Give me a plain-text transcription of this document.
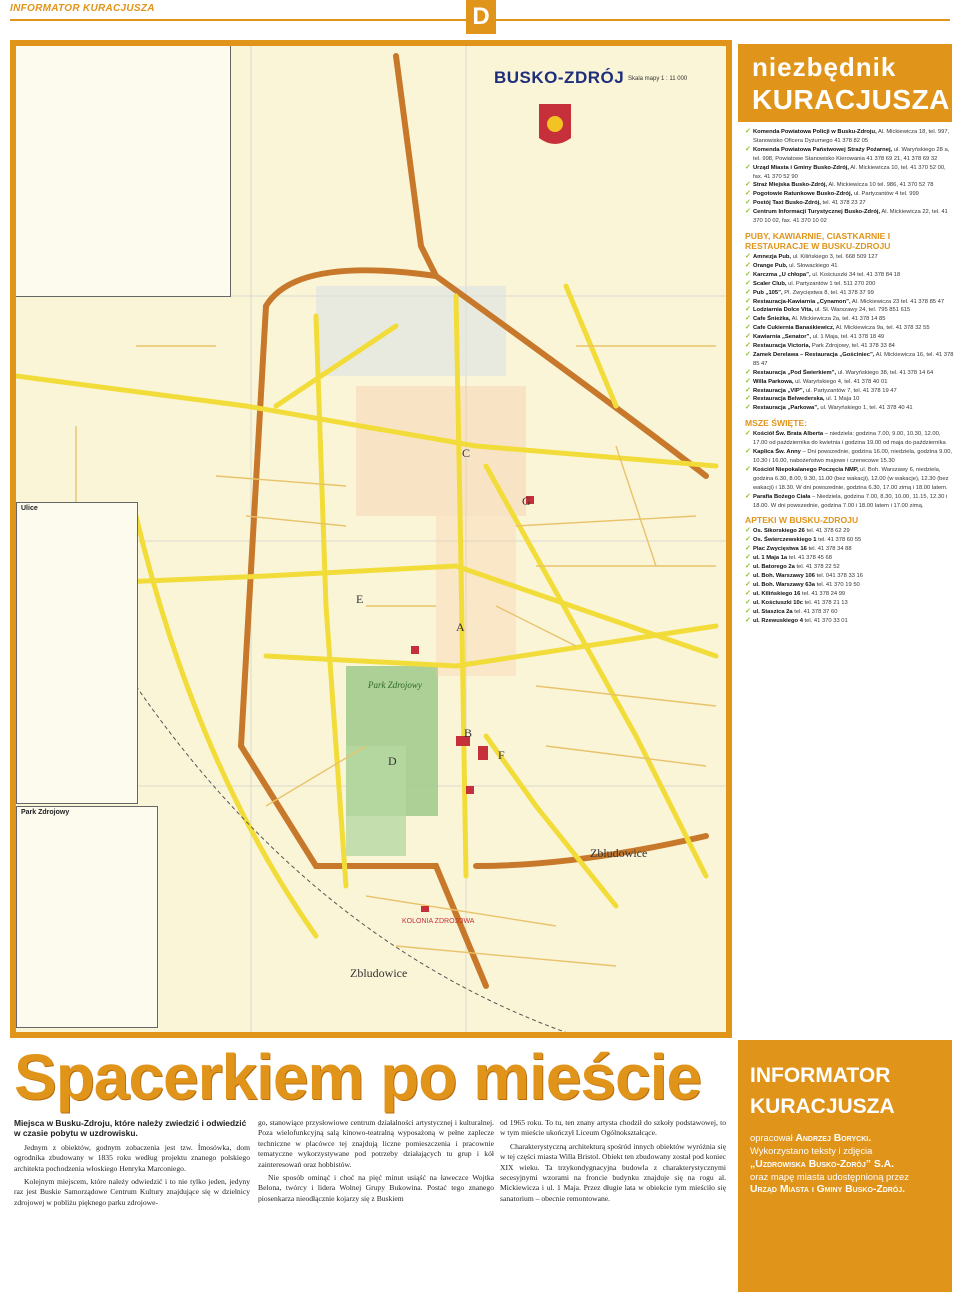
INFORMATOR KURACJUSZA	D
BUSKO-ZDRÓJ Skala mapy 1 : 11 000
Zbludowice
Zbludowice
KOLONIA ZDROJOWA
Park Zdrojowy
A
B
C
D
E
F
G
Ulice
Park Zdrojowy
niezbędnik
KURACJUSZA
✓ Komenda Powiatowa Policji w Busku-Zdroju, Al. Mickiewicza 18, tel. 997, Stanowisko Oficera Dyżurnego 41 378 82 05
✓ Komenda Powiatowa Państwowej Straży Pożarnej, ul. Waryńskiego 28 a, tel. 998, Powiatowe Stanowisko Kierowania 41 378 69 21, 41 378 69 32
✓ Urząd Miasta i Gminy Busko-Zdrój, Al. Mickiewicza 10, tel. 41 370 52 00, fax. 41 370 52 90
✓ Straż Miejska Busko-Zdrój, Al. Mickiewicza 10 tel. 986, 41 370 52 78
✓ Pogotowie Ratunkowe Busko-Zdrój, ul. Partyzantów 4 tel. 999
✓ Postój Taxi Busko-Zdrój, tel. 41 378 23 27
✓ Centrum Informacji Turystycznej Busko-Zdrój, Al. Mickiewicza 22, tel. 41 370 10 02, fax. 41 370 10 02
PUBY, KAWIARNIE, CIASTKARNIE I RESTAURACJE W BUSKU-ZDROJU
✓ Amnezja Pub, ul. Kilińskiego 3, tel. 668 509 127
✓ Orange Pub, ul. Słowackiego 41
✓ Karczma „U chłopa”, ul. Kościuszki 34 tel. 41 378 84 18
✓ Scaler Club, ul. Partyzantów 1 tel. 511 270 200
✓ Pub „105”, Pl. Zwycięstwa 8, tel. 41 378 37 99
✓ Restauracja-Kawiarnia „Cynamon”, Al. Mickiewicza 23 tel. 41 378 85 47
✓ Lodziarnia Dolce Vita, ul. Sł. Warszawy 24, tel. 795 851 615
✓ Cafe Śnieżka, Al. Mickiewicza 2a, tel. 41 378 14 85
✓ Cafe Cukiernia Banaśkiewicz, Al. Mickiewicza 9a, tel. 41 378 32 55
✓ Kawiarnia „Senator”, ul. 1 Maja, tel. 41 378 18 49
✓ Restauracja Victoria, Park Zdrojowy, tel. 41 378 33 84
✓ Zamek Derelawa – Restauracja „Gościniec”, Al. Mickiewicza 16, tel. 41 378 85 47
✓ Restauracja „Pod Świerkiem”, ul. Waryńskiego 38, tel. 41 378 14 64
✓ Willa Parkowa, ul. Waryńskiego 4, tel. 41 378 40 01
✓ Restauracja „VIP”, ul. Partyzantów 7, tel. 41 378 19 47
✓ Restauracja Belwederska, ul. 1 Maja 10
✓ Restauracja „Parkowa”, ul. Waryńskiego 1, tel. 41 378 40 41
MSZE ŚWIĘTE:
✓ Kościół Św. Brata Alberta – niedziela: godzina 7.00, 9.00, 10.30, 12.00, 17.00 od października do kwietnia i godzina 19.00 od maja do października
✓ Kaplica Św. Anny – Dni powszednie, godzina 16.00, niedziela, godzina 9.00, 10.30 i 16.00, nabożeństwo majowe i czerwcowe 15.30
✓ Kościół Niepokalanego Poczęcia NMP, ul. Boh. Warszawy 6, niedziela, godzina 6.30, 8.00, 9.30, 11.00 (bez wakacji), 12.00 (w wakacje), 12.30 (bez wakacji) i 18.30. W dni powszednie, godzina 6.30, 17.00 zimą i 18.00 latem.
✓ Parafia Bożego Ciała – Niedziela, godzina 7.00, 8.30, 10.00, 11.15, 12.30 i 18.00. W dni powszednie, godzina 7.00 i 18.00 latem i 17.00 zimą.
APTEKI W BUSKU-ZDROJU
✓ Os. Sikorskiego 26 tel. 41 378 62 29
✓ Os. Świerczewskiego 1 tel. 41 378 60 55
✓ Plac Zwycięstwa 16 tel. 41 378 34 88
✓ ul. 1 Maja 1a tel. 41 378 45 68
✓ ul. Batorego 2a tel. 41 378 22 52
✓ ul. Boh. Warszawy 106 tel. 041 378 33 16
✓ ul. Boh. Warszawy 63a tel. 41 370 19 50
✓ ul. Kilińskiego 16 tel. 41 378 24 99
✓ ul. Kościuszki 10c tel. 41 378 21 13
✓ ul. Staszica 2a tel. 41 378 37 60
✓ ul. Rzewuskiego 4 tel. 41 370 33 01
Spacerkiem po mieście
Miejsca w Busku-Zdroju, które należy zwiedzić i odwiedzić w czasie pobytu w uzdrowisku.

Jednym z obiektów, godnym zobaczenia jest tzw. Ímosówka, dom ogrodnika zbudowany w 1835 roku według projektu znanego polskiego architekta pochodzenia włoskiego Henryka Marconiego.

Kolejnym miejscem, które należy odwiedzić i to nie tylko jeden, jedyny raz jest Buskie Samorządowe Centrum Kultury znajdujące się w dzielnicy zdrojowej w pobliżu pięknego parku zdrojowe-

go, stanowiące przysłowiowe centrum działalności artystycznej i kulturalnej. Poza wielofunkcyjną salą kinowo-teatralną wyposażoną w pełne zaplecze techniczne w placówce tej znajdują liczne pomieszczenia i pracownie tematyczne wykorzystywane pod potrzeby działających tu grup i kół zainteresowań oraz hobbistów.

Nie sposób ominąć i choć na pięć minut usiąść na ławeczce Wojtka Belona, twórcy i lidera Wolnej Grupy Bukowina. Postać tego znanego piosenkarza nieodłącznie kojarzy się z Buskiem

od 1965 roku. To tu, ten znany artysta chodził do szkoły podstawowej, to w tym mieście ukończył Liceum Ogólnokształcące.

Charakterystyczną architekturą spośród innych obiektów wyróżnia się w tej części miasta Willa Bristol. Obiekt ten zbudowany został pod koniec XIX wieku. Ta trzykondygnacyjna budowla z charakterystycznymi secesyjnymi wzorami na froncie budynku znajduje się na rogu al. Mickiewicza i ul. 1 Maja. Przez długie lata w obiekcie tym mieściło się sanatorium – obecnie remontowane.

INFORMATOR
KURACJUSZA
opracował Andrzej Borycki.
Wykorzystano teksty i zdjęcia
„Uzdrowiska Busko-Zdrój” S.A.
oraz mapę miasta udostępnioną przez
Urząd Miasta i Gminy Busko-Zdrój.
